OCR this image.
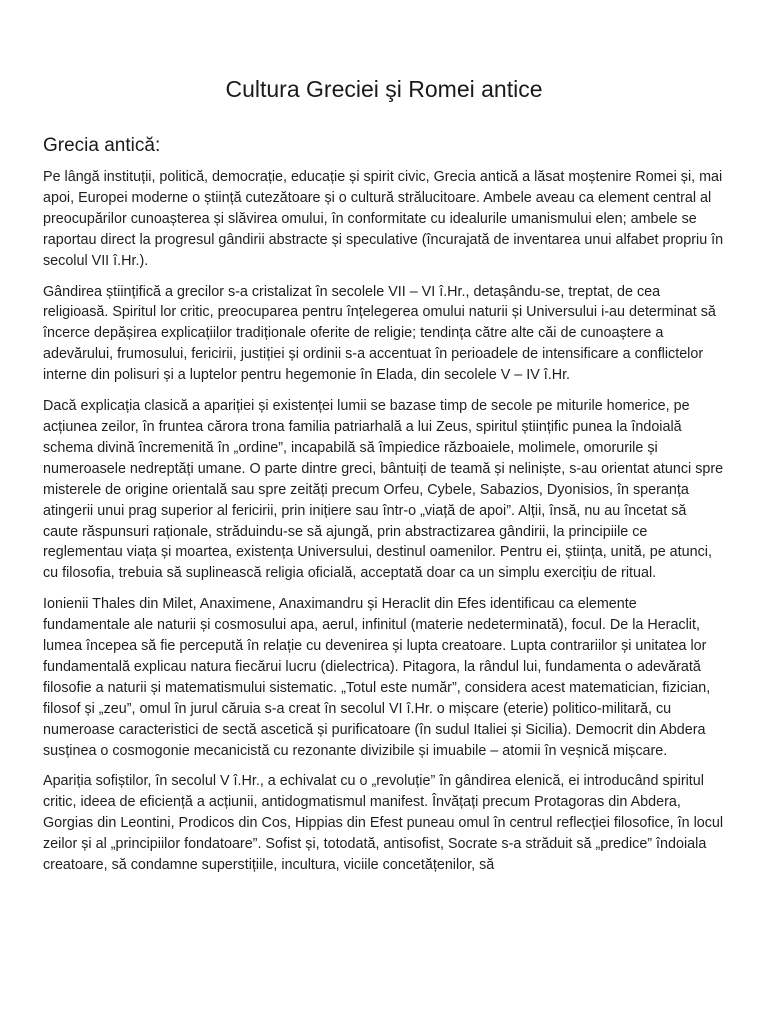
Cultura Greciei şi Romei antice
Grecia antică:

Pe lângă instituții, politică, democrație, educație și spirit civic, Grecia antică a lăsat moștenire Romei și, mai apoi, Europei moderne o știință cutezătoare și o cultură strălucitoare. Ambele aveau ca element central al preocupărilor cunoașterea și slăvirea omului, în conformitate cu idealurile umanismului elen; ambele se raportau direct la progresul gândirii abstracte și speculative (încurajată de inventarea unui alfabet propriu în secolul VII î.Hr.).

Gândirea științifică a grecilor s-a cristalizat în secolele VII – VI î.Hr., detașându-se, treptat, de cea religioasă. Spiritul lor critic, preocuparea pentru înțelegerea omului naturii și Universului i-au determinat să încerce depășirea explicațiilor tradiționale oferite de religie; tendința către alte căi de cunoaștere a adevărului, frumosului, fericirii, justiției și ordinii s-a accentuat în perioadele de intensificare a conflictelor interne din polisuri și a luptelor pentru hegemonie în Elada, din secolele V – IV î.Hr.

Dacă explicația clasică a apariției și existenței lumii se bazase timp de secole pe miturile homerice, pe acțiunea zeilor, în fruntea cărora trona familia patriarhală a lui Zeus, spiritul științific punea la îndoială schema divină încremenită în „ordine”, incapabilă să împiedice războaiele, molimele, omorurile și numeroasele nedreptăți umane. O parte dintre greci, bântuiți de teamă și neliniște, s-au orientat atunci spre misterele de origine orientală sau spre zeități precum Orfeu, Cybele, Sabazios, Dyonisios, în speranța atingerii unui prag superior al fericirii, prin inițiere sau într-o „viață de apoi”. Alții, însă, nu au încetat să caute răspunsuri raționale, străduindu-se să ajungă, prin abstractizarea gândirii, la principiile ce reglementau viața și moartea, existența Universului, destinul oamenilor. Pentru ei, știința, unită, pe atunci, cu filosofia, trebuia să suplinească religia oficială, acceptată doar ca un simplu exercițiu de ritual.

Ionienii Thales din Milet, Anaximene, Anaximandru și Heraclit din Efes identificau ca elemente fundamentale ale naturii și cosmosului apa, aerul, infinitul (materie nedeterminată), focul. De la Heraclit, lumea începea să fie percepută în relație cu devenirea și lupta creatoare. Lupta contrariilor și unitatea lor fundamentală explicau natura fiecărui lucru (dielectrica). Pitagora, la rândul lui, fundamenta o adevărată filosofie a naturii și matematismului sistematic. „Totul este număr”, considera acest matematician, fizician, filosof și „zeu”, omul în jurul căruia s-a creat în secolul VI î.Hr. o mișcare (eterie) politico-militară, cu numeroase caracteristici de sectă ascetică și purificatoare (în sudul Italiei și Sicilia). Democrit din Abdera susținea o cosmogonie mecanicistă cu rezonante divizibile și imuabile – atomii în veșnică mișcare.

Apariția sofiștilor, în secolul V î.Hr., a echivalat cu o „revoluție” în gândirea elenică, ei introducând spiritul critic, ideea de eficiență a acțiunii, antidogmatismul manifest. Învățați precum Protagoras din Abdera, Gorgias din Leontini, Prodicos din Cos, Hippias din Efest puneau omul în centrul reflecției filosofice, în locul zeilor și al „principiilor fondatoare”. Sofist și, totodată, antisofist, Socrate s-a străduit să „predice” îndoiala creatoare, să condamne superstițiile, incultura, viciile concetățenilor, să
